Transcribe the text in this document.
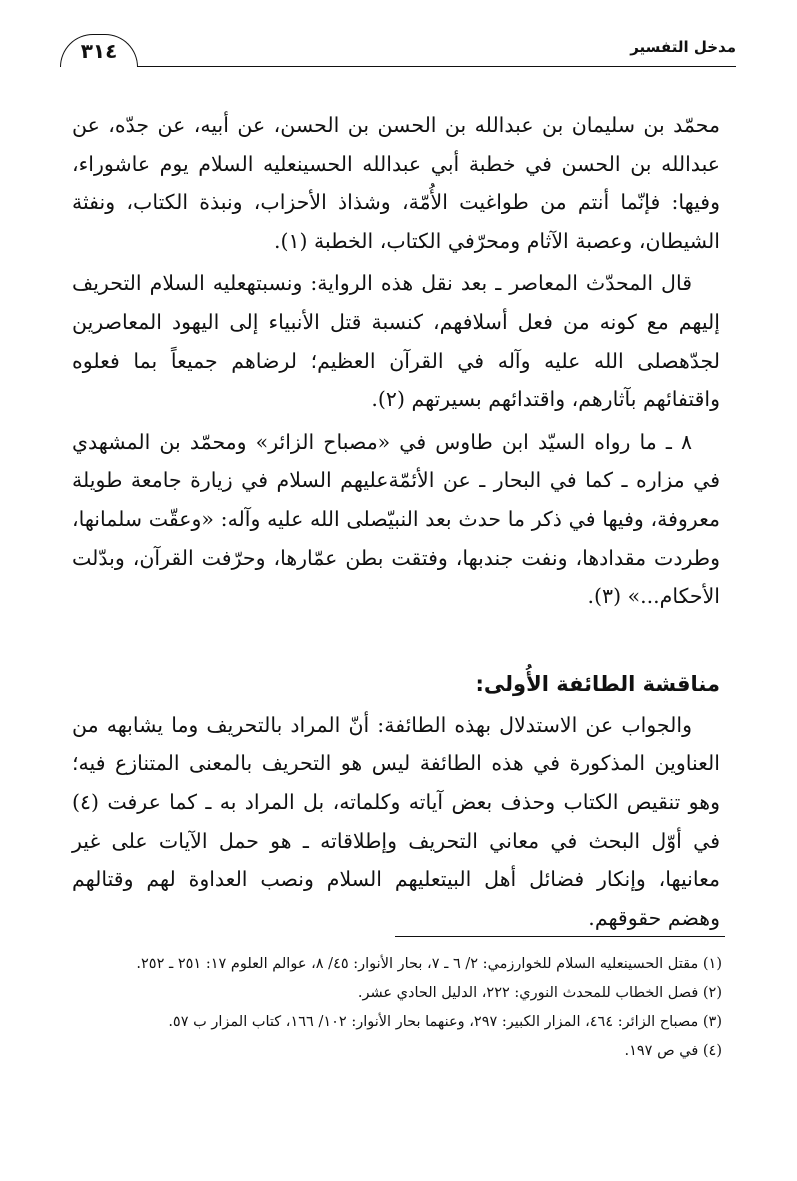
مدخل التفسير
٣١٤

محمّد بن سليمان بن عبدالله بن الحسن بن الحسن، عن أبيه، عن جدّه، عن عبدالله بن الحسن في خطبة أبي عبدالله الحسينعليه السلام يوم عاشوراء، وفيها: فإنّما أنتم من طواغيت الأُمّة، وشذاذ الأحزاب، ونبذة الكتاب، ونفثة الشيطان، وعصبة الآثام ومحرّفي الكتاب، الخطبة (١).

قال المحدّث المعاصر ـ بعد نقل هذه الرواية: ونسبتهعليه السلام التحريف إليهم مع كونه من فعل أسلافهم، كنسبة قتل الأنبياء إلى اليهود المعاصرين لجدّهصلى الله عليه وآله في القرآن العظيم؛ لرضاهم جميعاً بما فعلوه واقتفائهم بآثارهم، واقتدائهم بسيرتهم (٢).

٨ ـ ما رواه السيّد ابن طاوس في «مصباح الزائر» ومحمّد بن المشهدي في مزاره ـ كما في البحار ـ عن الأئمّةعليهم السلام في زيارة جامعة طويلة معروفة، وفيها في ذكر ما حدث بعد النبيّصلى الله عليه وآله: «وعقّت سلمانها، وطردت مقدادها، ونفت جندبها، وفتقت بطن عمّارها، وحرّفت القرآن، وبدّلت الأحكام...» (٣).

مناقشة الطائفة الأُولى:

والجواب عن الاستدلال بهذه الطائفة: أنّ المراد بالتحريف وما يشابهه من العناوين المذكورة في هذه الطائفة ليس هو التحريف بالمعنى المتنازع فيه؛ وهو تنقيص الكتاب وحذف بعض آياته وكلماته، بل المراد به ـ كما عرفت (٤) في أوّل البحث في معاني التحريف وإطلاقاته ـ هو حمل الآيات على غير معانيها، وإنكار فضائل أهل البيتعليهم السلام ونصب العداوة لهم وقتالهم وهضم حقوقهم.

(١) مقتل الحسينعليه السلام للخوارزمي: ٢/ ٦ ـ ٧، بحار الأنوار: ٤٥/ ٨، عوالم العلوم ١٧: ٢٥١ ـ ٢٥٢.

(٢) فصل الخطاب للمحدث النوري: ٢٢٢، الدليل الحادي عشر.

(٣) مصباح الزائر: ٤٦٤، المزار الكبير: ٢٩٧، وعنهما بحار الأنوار: ١٠٢/ ١٦٦، كتاب المزار ب ٥٧.

(٤) في ص ١٩٧.
